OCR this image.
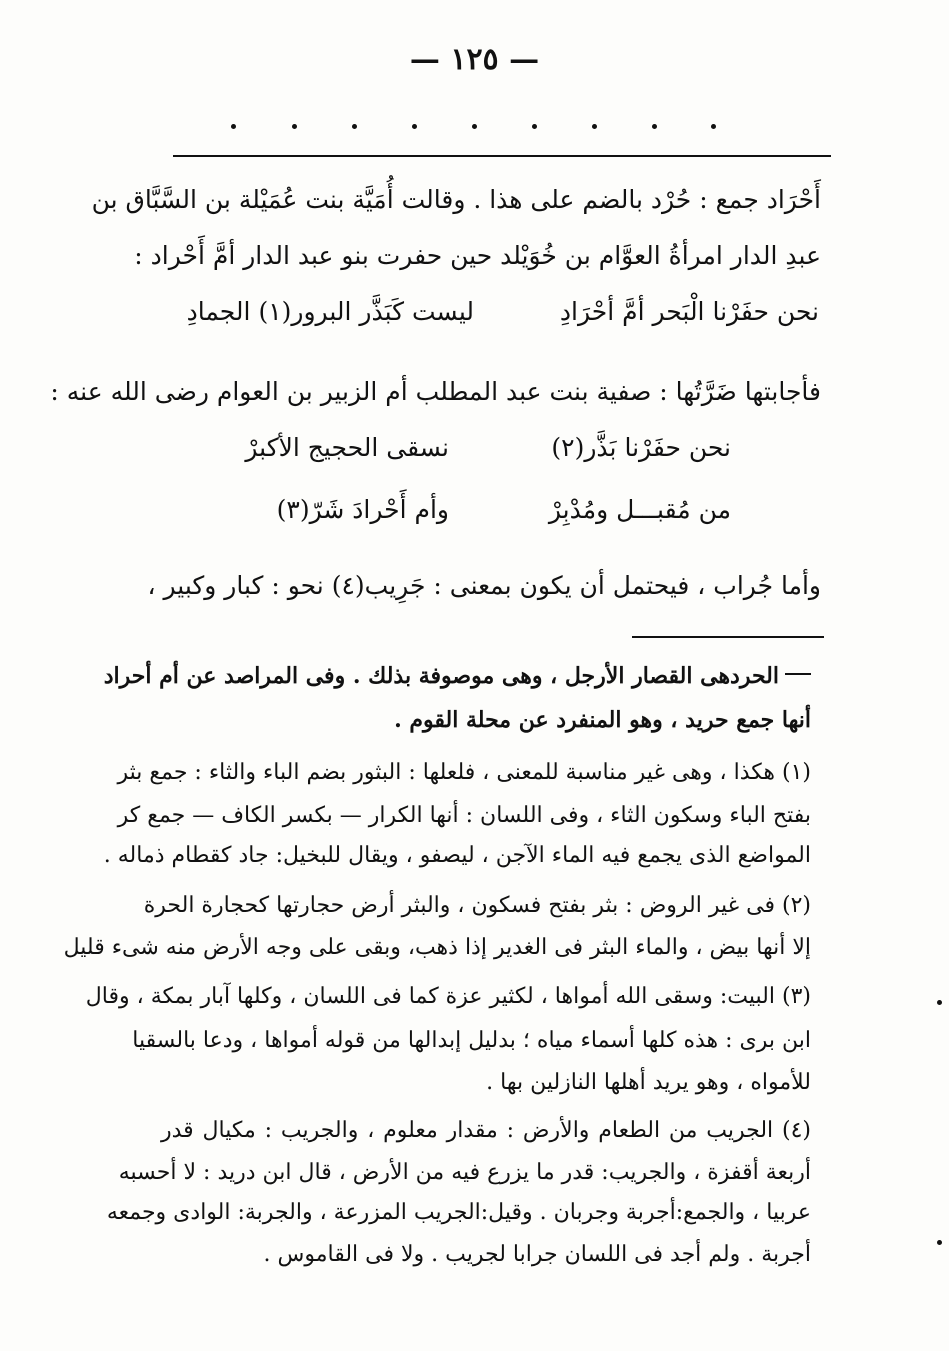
— ١٢٥ —
أَحْرَاد جمع : حُرْد بالضم على هذا . وقالت أُمَيَّة بنت عُمَيْلة بن السَّبَّاق بن
عبدِ الدار امرأةُ العوَّام بن خُوَيْلد حين حفرت بنو عبد الدار أمَّ أَحْراد :
نحن حفَرْنا الْبَحر أمَّ أحْرَادِ
ليست كَبَذَّر البرور(١) الجمادِ
فأجابتها ضَرَّتُها : صفية بنت عبد المطلب أم الزبير بن العوام رضى الله عنه :
نحن حفَرْنا بَذَّر(٢)
نسقى الحجيج الأكبرْ
من مُقبـــل ومُدْبِرْ
وأم أَحْرادَ شَرّ(٣)
وأما جُراب ، فيحتمل أن يكون بمعنى : جَرِيب(٤) نحو : كبار وكبير ،
الحردهى القصار الأرجل ، وهى موصوفة بذلك . وفى المراصد عن أم أحراد
أنها جمع حريد ، وهو المنفرد عن محلة القوم .
(١) هكذا ، وهى غير مناسبة للمعنى ، فلعلها : البثور بضم الباء والثاء : جمع بثر
بفتح الباء وسكون الثاء ، وفى اللسان : أنها الكرار — بكسر الكاف — جمع كر
المواضع الذى يجمع فيه الماء الآجن ، ليصفو ، ويقال للبخيل: جاد كقطام ذماله .
(٢) فى غير الروض : بثر بفتح فسكون ، والبثر أرض حجارتها كحجارة الحرة
إلا أنها بيض ، والماء البثر فى الغدير إذا ذهب، وبقى على وجه الأرض منه شىء قليل
(٣) البيت: وسقى الله أمواها ، لكثير عزة كما فى اللسان ، وكلها آبار بمكة ، وقال
ابن برى : هذه كلها أسماء مياه ؛ بدليل إبدالها من قوله أمواها ، ودعا بالسقيا
للأمواه ، وهو يريد أهلها النازلين بها .
(٤) الجريب من الطعام والأرض : مقدار معلوم ، والجريب : مكيال قدر
أربعة أقفزة ، والجريب: قدر ما يزرع فيه من الأرض ، قال ابن دريد : لا أحسبه
عربيا ، والجمع:أجربة وجربان . وقيل:الجريب المزرعة ، والجربة: الوادى وجمعه
أجربة . ولم أجد فى اللسان جرابا لجريب . ولا فى القاموس .
